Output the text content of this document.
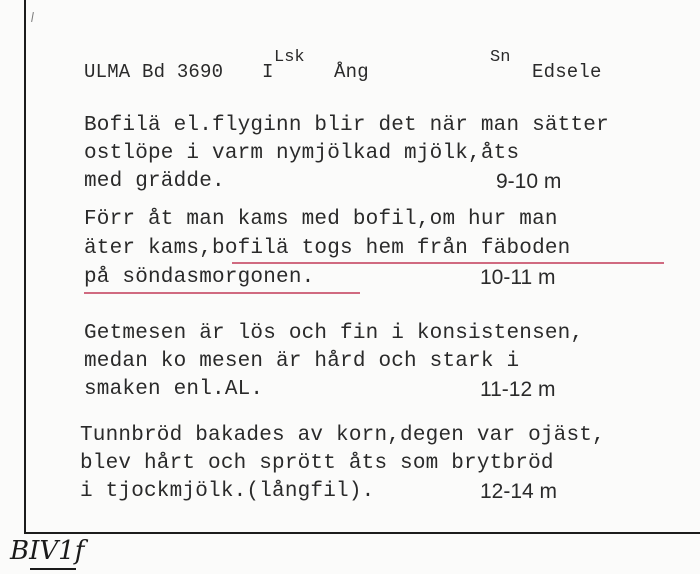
ULMA Bd 3690 I
Lsk
Ång
Sn
Edsele
Bofilä el.flyginn blir det när man sätter
ostlöpe i varm nymjölkad mjölk,åts
med grädde.	9-10 m
Förr åt man kams med bofil,om hur man
äter kams,bofilä togs hem från fäboden
på söndasmorgonen.	10-11 m
Getmesen är lös och fin i konsistensen,
medan ko mesen är hård och stark i
smaken enl.AL.	11-12 m
Tunnbröd bakades av korn,degen var ojäst,
blev hårt och sprött åts som brytbröd
i tjockmjölk.(långfil).	12-14 m
BIV1f
